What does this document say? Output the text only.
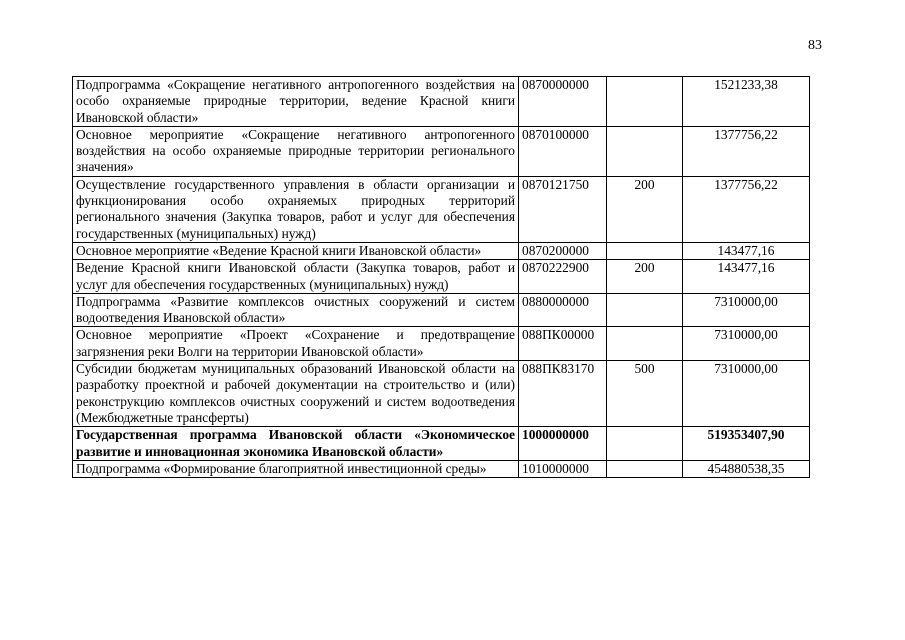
83
Подпрограмма «Сокращение негативного антропогенного воздействия на особо охраняемые природные территории, ведение Красной книги Ивановской области»	0870000000		1521233,38
Основное мероприятие «Сокращение негативного антропогенного воздействия на особо охраняемые природные территории регионального значения»	0870100000		1377756,22
Осуществление государственного управления в области организации и функционирования особо охраняемых природных территорий регионального значения (Закупка товаров, работ и услуг для обеспечения государственных (муниципальных) нужд)	0870121750	200	1377756,22
Основное мероприятие «Ведение Красной книги Ивановской области»	0870200000		143477,16
Ведение Красной книги Ивановской области (Закупка товаров, работ и услуг для обеспечения государственных (муниципальных) нужд)	0870222900	200	143477,16
Подпрограмма «Развитие комплексов очистных сооружений и систем водоотведения Ивановской области»	0880000000		7310000,00
Основное мероприятие «Проект «Сохранение и предотвращение загрязнения реки Волги на территории Ивановской области»	088ПК00000		7310000,00
Субсидии бюджетам муниципальных образований Ивановской области на разработку проектной и рабочей документации на строительство и (или) реконструкцию комплексов очистных сооружений и систем водоотведения (Межбюджетные трансферты)	088ПК83170	500	7310000,00
Государственная программа Ивановской области «Экономическое развитие и инновационная экономика Ивановской области»	1000000000		519353407,90
Подпрограмма «Формирование благоприятной инвестиционной среды»	1010000000		454880538,35
